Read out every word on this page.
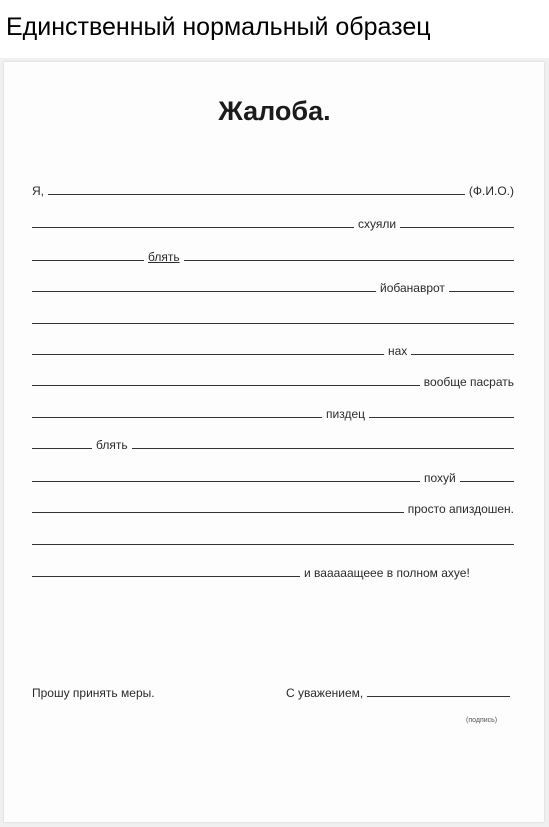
Единственный нормальный образец
Жалоба.
Я,	(Ф.И.О.)
схуяли
блять
йобанаврот
нах
вообще пасрать
пиздец
блять
похуй
просто апиздошен.
и вааааащеее в полном ахуе!
Прошу принять меры.	С уважением,
(подпись)
